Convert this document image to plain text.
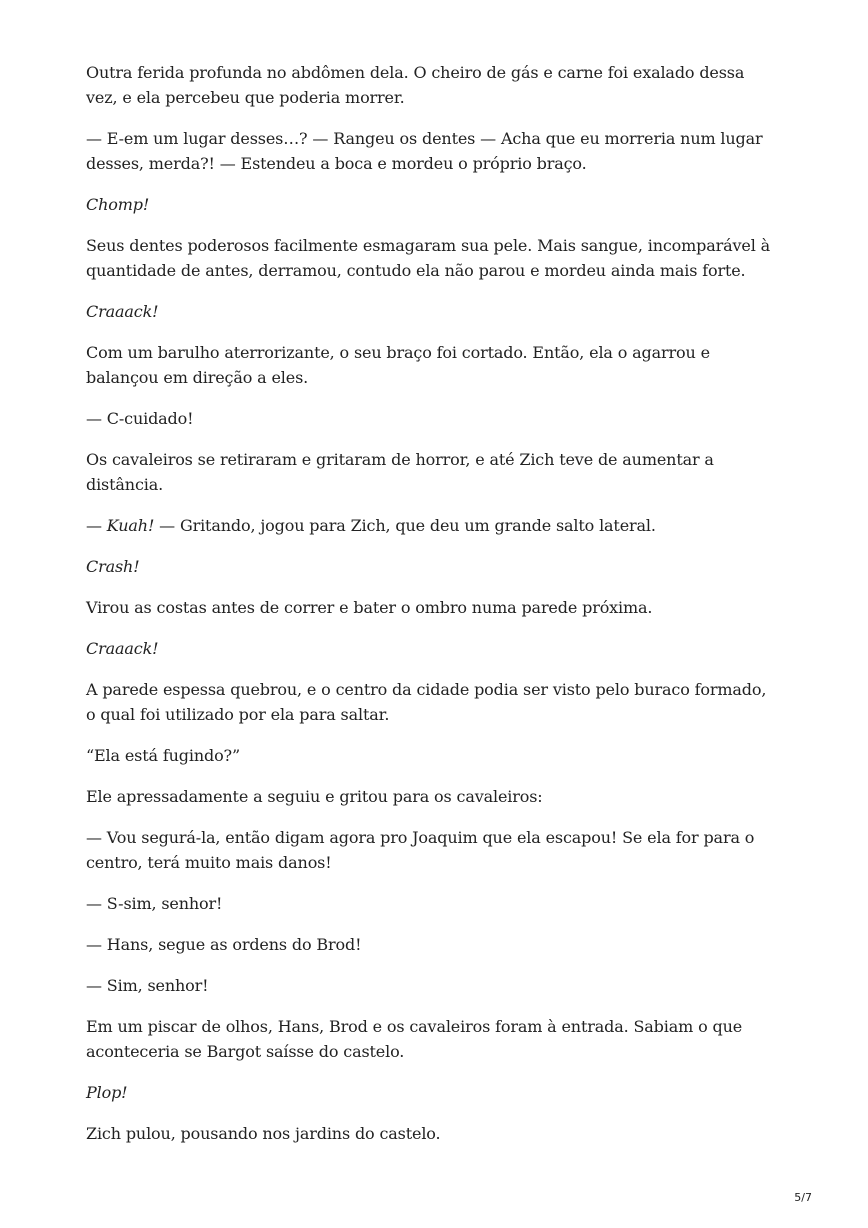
Outra ferida profunda no abdômen dela. O cheiro de gás e carne foi exalado dessa vez, e ela percebeu que poderia morrer.

— E-em um lugar desses…? — Rangeu os dentes — Acha que eu morreria num lugar desses, merda?! — Estendeu a boca e mordeu o próprio braço.

Chomp!

Seus dentes poderosos facilmente esmagaram sua pele. Mais sangue, incomparável à quantidade de antes, derramou, contudo ela não parou e mordeu ainda mais forte.

Craaack!

Com um barulho aterrorizante, o seu braço foi cortado. Então, ela o agarrou e balançou em direção a eles.

— C-cuidado!

Os cavaleiros se retiraram e gritaram de horror, e até Zich teve de aumentar a distância.

— Kuah! — Gritando, jogou para Zich, que deu um grande salto lateral.

Crash!

Virou as costas antes de correr e bater o ombro numa parede próxima.

Craaack!

A parede espessa quebrou, e o centro da cidade podia ser visto pelo buraco formado, o qual foi utilizado por ela para saltar.

“Ela está fugindo?”

Ele apressadamente a seguiu e gritou para os cavaleiros:

— Vou segurá-la, então digam agora pro Joaquim que ela escapou! Se ela for para o centro, terá muito mais danos!

— S-sim, senhor!

— Hans, segue as ordens do Brod!

— Sim, senhor!

Em um piscar de olhos, Hans, Brod e os cavaleiros foram à entrada. Sabiam o que aconteceria se Bargot saísse do castelo.

Plop!

Zich pulou, pousando nos jardins do castelo.

5/7
